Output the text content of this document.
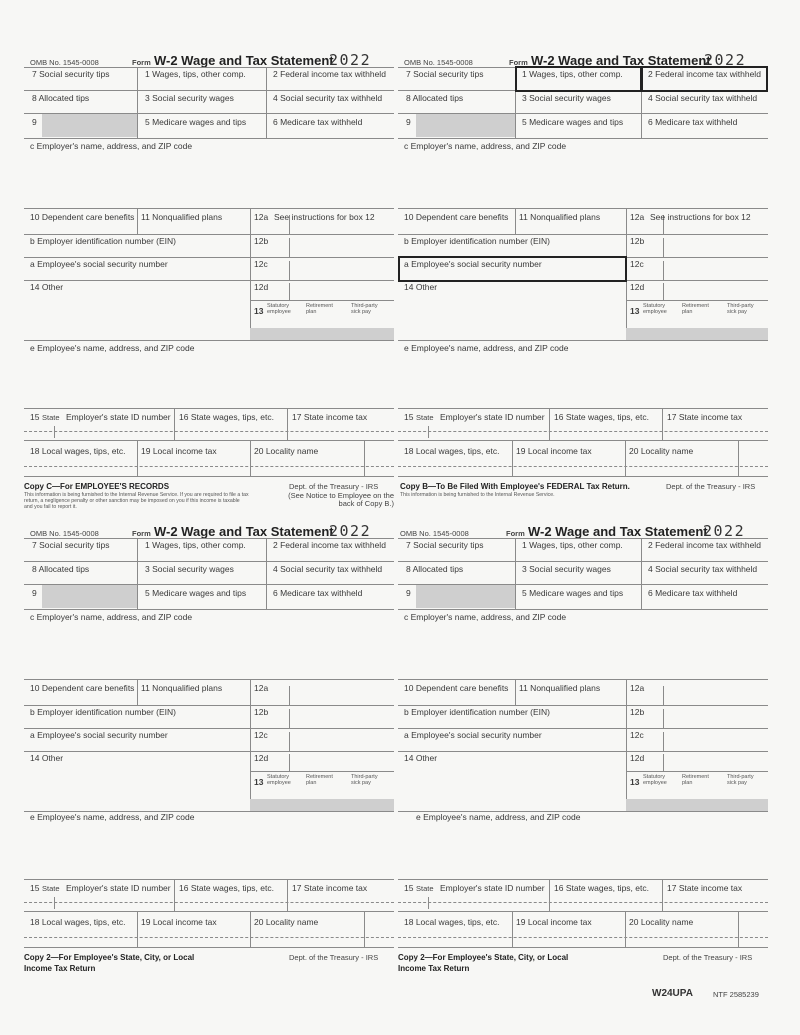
OMB No. 1545-0008	Form W-2 Wage and Tax Statement
2022
7 Social security tips	1 Wages, tips, other comp.	2 Federal income tax withheld
8 Allocated tips	3 Social security wages	4 Social security tax withheld
9	5 Medicare wages and tips	6 Medicare tax withheld
c Employer's name, address, and ZIP code
10 Dependent care benefits 11 Nonqualified plans	12a See instructions for box 12
b Employer identification number (EIN)	12b
a Employee's social security number	12c
14 Other	12d
13 Statutory employee
Retirement plan
Third-party sick pay
e Employee's name, address, and ZIP code
15 State Employer's state ID number 16 State wages, tips, etc. 17 State income tax
18 Local wages, tips, etc. 19 Local income tax	20 Locality name
Copy C—For EMPLOYEE'S RECORDS
This information is being furnished to the Internal Revenue Service. If you are required to file a tax return, a negligence penalty or other sanction may be imposed on you if this income is taxable and you fail to report it.
Dept. of the Treasury - IRS
(See Notice to Employee on the back of Copy B.)
OMB No. 1545-0008	Form W-2 Wage and Tax Statement
2022
7 Social security tips	1 Wages, tips, other comp.	2 Federal income tax withheld
8 Allocated tips	3 Social security wages	4 Social security tax withheld
9	5 Medicare wages and tips	6 Medicare tax withheld
c Employer's name, address, and ZIP code
10 Dependent care benefits 11 Nonqualified plans	12a See instructions for box 12
b Employer identification number (EIN)	12b
a Employee's social security number	12c
14 Other	12d
13 Statutory employee
Retirement plan
Third-party sick pay
e Employee's name, address, and ZIP code
15 State Employer's state ID number 16 State wages, tips, etc. 17 State income tax
18 Local wages, tips, etc. 19 Local income tax	20 Locality name
Copy B—To Be Filed With Employee's FEDERAL Tax Return.
This information is being furnished to the Internal Revenue Service.
Dept. of the Treasury - IRS
OMB No. 1545-0008	Form W-2 Wage and Tax Statement
2022
7 Social security tips	1 Wages, tips, other comp.	2 Federal income tax withheld
8 Allocated tips	3 Social security wages	4 Social security tax withheld
9	5 Medicare wages and tips	6 Medicare tax withheld
c Employer's name, address, and ZIP code
10 Dependent care benefits 11 Nonqualified plans	12a
b Employer identification number (EIN)	12b
a Employee's social security number	12c
14 Other	12d
13 Statutory employee
Retirement plan
Third-party sick pay
e Employee's name, address, and ZIP code
15 State Employer's state ID number 16 State wages, tips, etc. 17 State income tax
18 Local wages, tips, etc. 19 Local income tax	20 Locality name
Copy 2—For Employee's State, City, or Local Income Tax Return
Dept. of the Treasury - IRS
OMB No. 1545-0008	Form W-2 Wage and Tax Statement
2022
7 Social security tips	1 Wages, tips, other comp.	2 Federal income tax withheld
8 Allocated tips	3 Social security wages	4 Social security tax withheld
9	5 Medicare wages and tips	6 Medicare tax withheld
c Employer's name, address, and ZIP code
10 Dependent care benefits 11 Nonqualified plans	12a
b Employer identification number (EIN)	12b
a Employee's social security number	12c
14 Other	12d
13 Statutory employee
Retirement plan
Third-party sick pay
e Employee's name, address, and ZIP code
15 State Employer's state ID number 16 State wages, tips, etc. 17 State income tax
18 Local wages, tips, etc. 19 Local income tax	20 Locality name
Copy 2—For Employee's State, City, or Local Income Tax Return
Dept. of the Treasury - IRS
W24UPA	NTF 2585239
